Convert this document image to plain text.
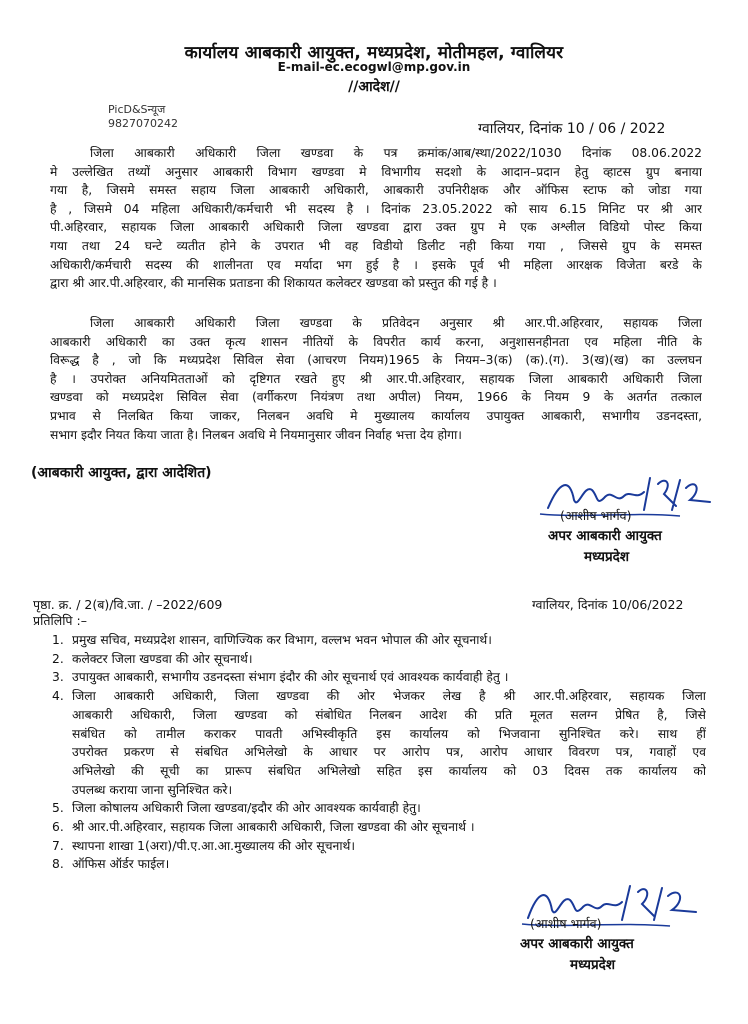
कार्यालय आबकारी आयुक्त, मध्यप्रदेश, मोतीमहल, ग्वालियर
E-mail-ec.ecogwl@mp.gov.in
//आदेश//
PicD&Sन्यूज
9827070242	ग्वालियर, दिनांक 10 / 06 / 2022
जिला आबकारी अधिकारी जिला खण्डवा के पत्र क्रमांक/आब/स्था/2022/1030 दिनांक 08.06.2022
मे उल्लेखित तथ्यों अनुसार आबकारी विभाग खण्डवा मे विभागीय सदशो के आदान–प्रदान हेतु व्हाटस ग्रुप बनाया
गया है, जिसमे समस्त सहाय जिला आबकारी अधिकारी, आबकारी उपनिरीक्षक और ऑफिस स्टाफ को जोडा गया
है , जिसमे 04 महिला अधिकारी/कर्मचारी भी सदस्य है । दिनांक 23.05.2022 को साय 6.15 मिनिट पर श्री आर
पी.अहिरवार, सहायक जिला आबकारी अधिकारी जिला खण्डवा द्वारा उक्त ग्रुप मे एक अश्लील विडियो पोस्ट किया
गया तथा 24 घन्टे व्यतीत होने के उपरात भी वह विडीयो डिलीट नही किया गया , जिससे ग्रुप के समस्त
अधिकारी/कर्मचारी सदस्य की शालीनता एव मर्यादा भग हुई है । इसके पूर्व भी महिला आरक्षक विजेता बरडे के
द्वारा श्री आर.पी.अहिरवार, की मानसिक प्रताडना की शिकायत कलेक्टर खण्डवा को प्रस्तुत की गई है ।
जिला आबकारी अधिकारी जिला खण्डवा के प्रतिवेदन अनुसार श्री आर.पी.अहिरवार, सहायक जिला
आबकारी अधिकारी का उक्त कृत्य शासन नीतियों के विपरीत कार्य करना, अनुशासनहीनता एव महिला नीति के
विरूद्ध है , जो कि मध्यप्रदेश सिविल सेवा (आचरण नियम)1965 के नियम–3(क) (क).(ग). 3(ख)(ख) का उल्लघन
है । उपरोक्त अनियमितताओं को दृष्टिगत रखते हुए श्री आर.पी.अहिरवार, सहायक जिला आबकारी अधिकारी जिला
खण्डवा को मध्यप्रदेश सिविल सेवा (वर्गीकरण नियंत्रण तथा अपील) नियम, 1966 के नियम 9 के अतर्गत तत्काल
प्रभाव से निलबित किया जाकर, निलबन अवधि मे मुख्यालय कार्यालय उपायुक्त आबकारी, सभागीय उडनदस्ता,
सभाग इदौर नियत किया जाता है। निलबन अवधि मे नियमानुसार जीवन निर्वाह भत्ता देय होगा।
(आबकारी आयुक्त, द्वारा आदेशित)
(आशीष भार्गव)
अपर आबकारी आयुक्त
मध्यप्रदेश
पृष्ठा. क्र. / 2(ब)/वि.जा. / –2022/609	ग्वालियर, दिनांक 10/06/2022
प्रतिलिपि :–
1. प्रमुख सचिव, मध्यप्रदेश शासन, वाणिज्यिक कर विभाग, वल्लभ भवन भोपाल की ओर सूचनार्थ।
2. कलेक्टर जिला खण्डवा की ओर सूचनार्थ।
3. उपायुक्त आबकारी, सभागीय उडनदस्ता संभाग इंदौर की ओर सूचनार्थ एवं आवश्यक कार्यवाही हेतु ।
4. जिला आबकारी अधिकारी, जिला खण्डवा की ओर भेजकर लेख है श्री आर.पी.अहिरवार, सहायक जिला
आबकारी अधिकारी, जिला खण्डवा को संबोधित निलबन आदेश की प्रति मूलत सलग्न प्रेषित है, जिसे
सबंधित को तामील कराकर पावती अभिस्वीकृति इस कार्यालय को भिजवाना सुनिश्चित करे। साथ हीं
उपरोक्त प्रकरण से संबधित अभिलेखो के आधार पर आरोप पत्र, आरोप आधार विवरण पत्र, गवाहों एव
अभिलेखो की सूची का प्रारूप संबधित अभिलेखो सहित इस कार्यालय को 03 दिवस तक कार्यालय को
उपलब्ध कराया जाना सुनिश्चित करे।
5. जिला कोषालय अधिकारी जिला खण्डवा/इदौर की ओर आवश्यक कार्यवाही हेतु।
6. श्री आर.पी.अहिरवार, सहायक जिला आबकारी अधिकारी, जिला खण्डवा की ओर सूचनार्थ ।
7. स्थापना शाखा 1(अरा)/पी.ए.आ.आ.मुख्यालय की ओर सूचनार्थ।
8. ऑफिस ऑर्डर फाईल।
(आशीष भार्गव)
अपर आबकारी आयुक्त
मध्यप्रदेश
